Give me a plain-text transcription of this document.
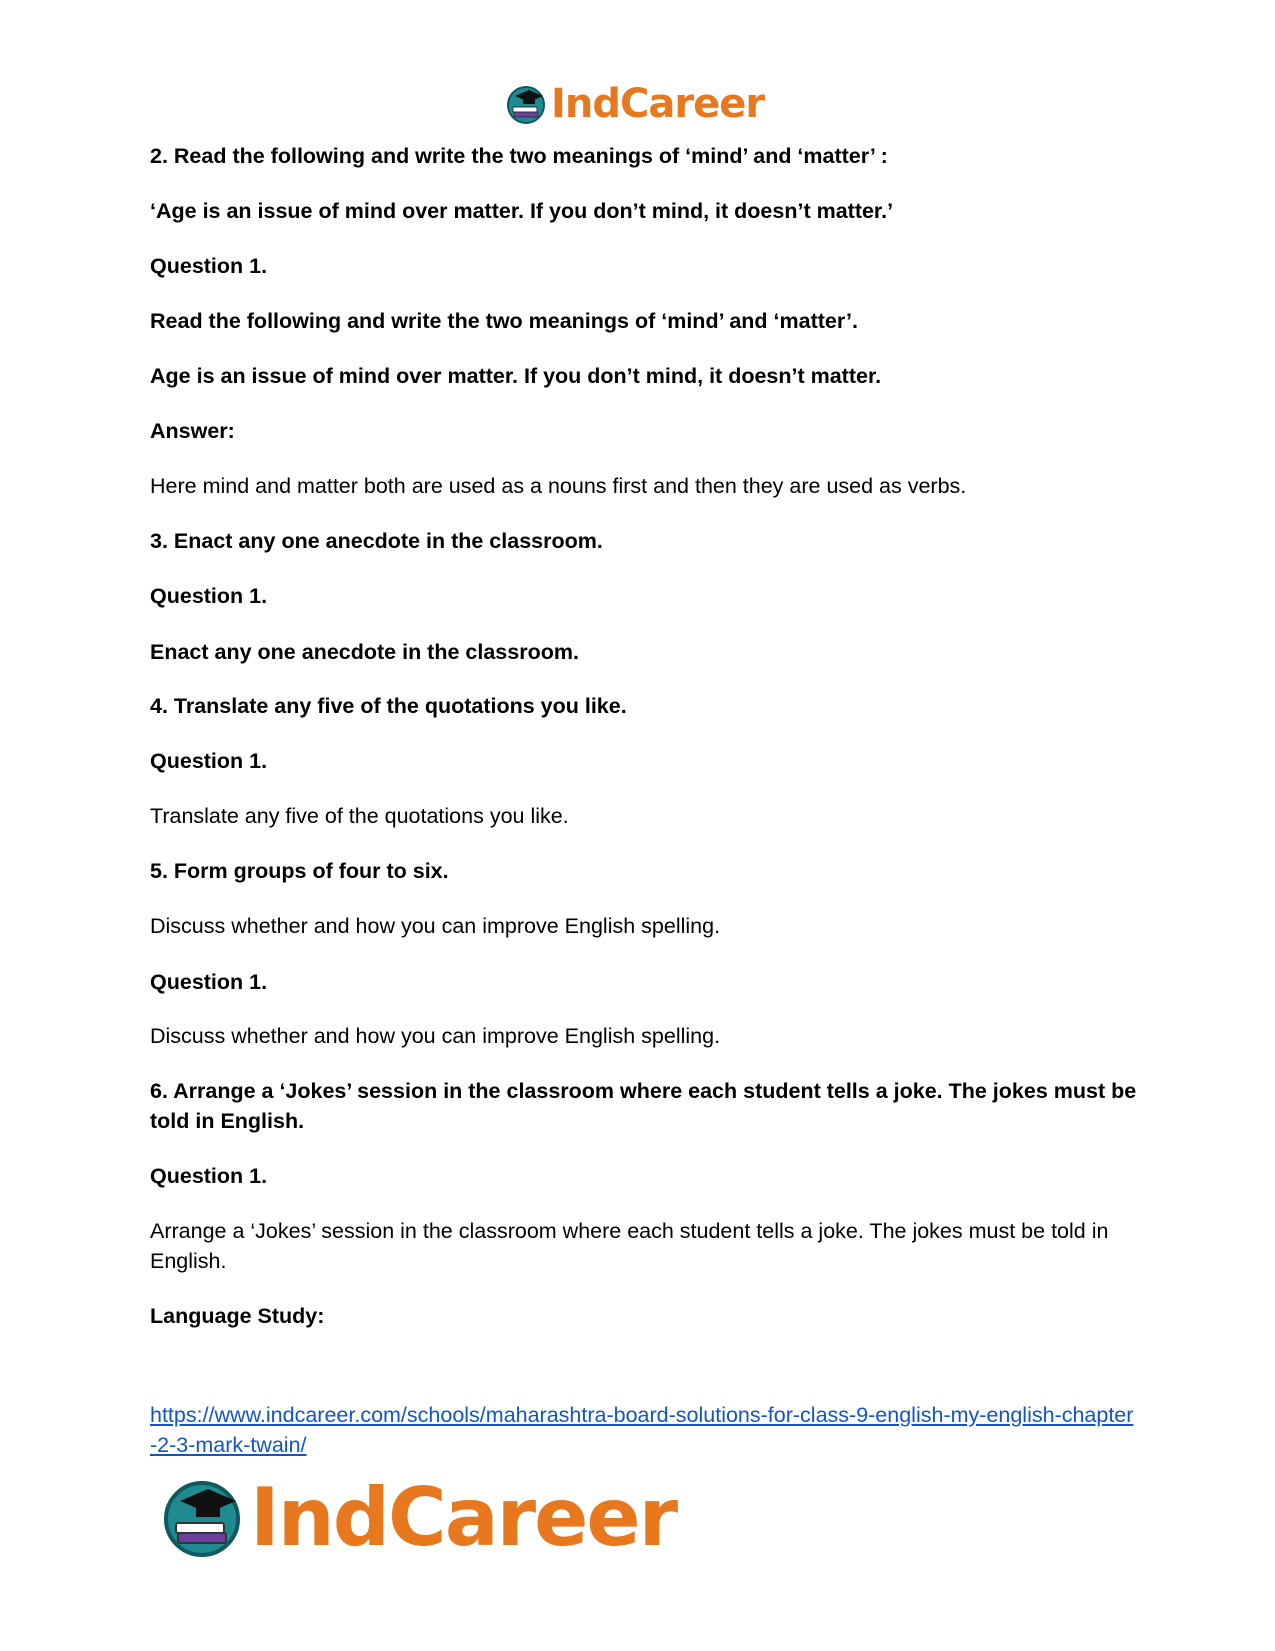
IndCareer

2. Read the following and write the two meanings of ‘mind’ and ‘matter’ :

‘Age is an issue of mind over matter. If you don’t mind, it doesn’t matter.’

Question 1.

Read the following and write the two meanings of ‘mind’ and ‘matter’.

Age is an issue of mind over matter. If you don’t mind, it doesn’t matter.

Answer:

Here mind and matter both are used as a nouns first and then they are used as verbs.

3. Enact any one anecdote in the classroom.

Question 1.

Enact any one anecdote in the classroom.

4. Translate any five of the quotations you like.

Question 1.

Translate any five of the quotations you like.

5. Form groups of four to six.

Discuss whether and how you can improve English spelling.

Question 1.

Discuss whether and how you can improve English spelling.

6. Arrange a ‘Jokes’ session in the classroom where each student tells a joke. The jokes must be told in English.

Question 1.

Arrange a ‘Jokes’ session in the classroom where each student tells a joke. The jokes must be told in English.

Language Study:

https://www.indcareer.com/schools/maharashtra-board-solutions-for-class-9-english-my-english-chapter-2-3-mark-twain/
IndCareer
